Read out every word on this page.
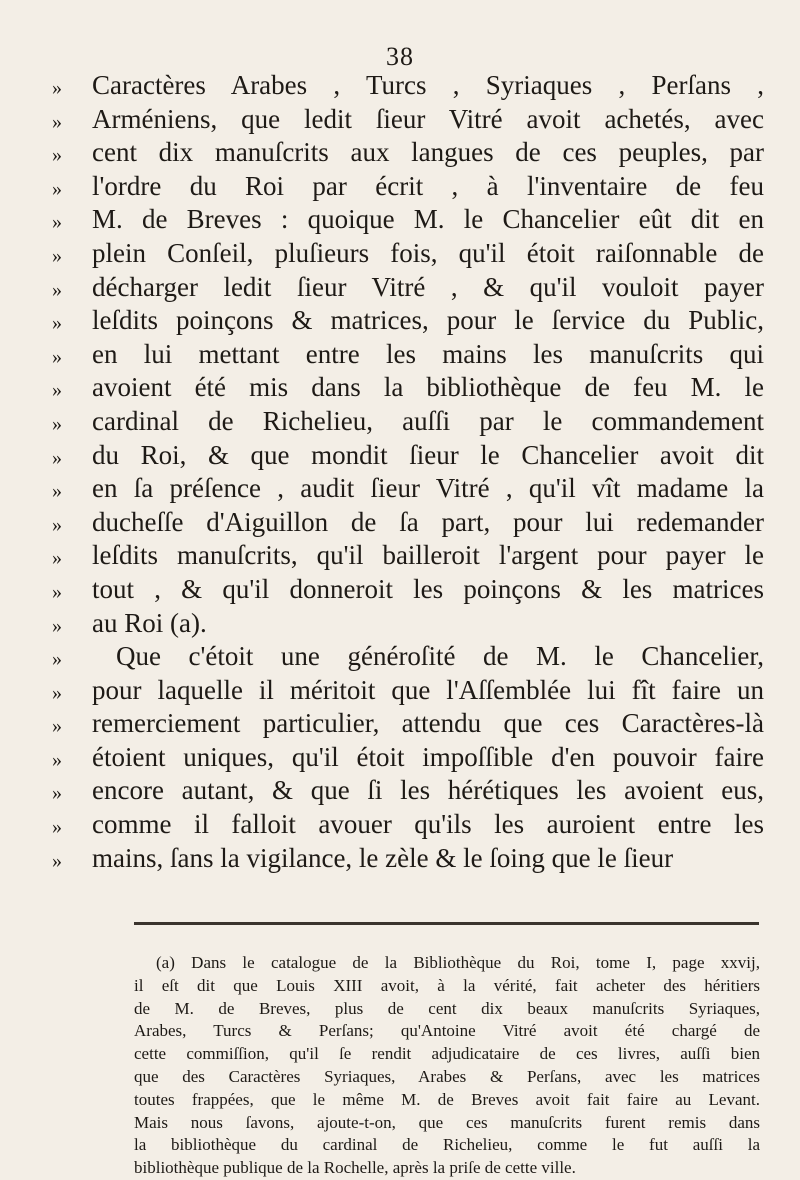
38
»	Caractères Arabes , Turcs , Syriaques , Perſans ,
»	Arméniens, que ledit ſieur Vitré avoit achetés, avec
»	cent dix manuſcrits aux langues de ces peuples, par
»	l'ordre du Roi par écrit , à l'inventaire de feu
»	M. de Breves : quoique M. le Chancelier eût dit en
»	plein Conſeil, pluſieurs fois, qu'il étoit raiſonnable de
»	décharger ledit ſieur Vitré , & qu'il vouloit payer
»	leſdits poinçons & matrices, pour le ſervice du Public,
»	en lui mettant entre les mains les manuſcrits qui
»	avoient été mis dans la bibliothèque de feu M. le
»	cardinal de Richelieu, auſſi par le commandement
»	du Roi, & que mondit ſieur le Chancelier avoit dit
»	en ſa préſence , audit ſieur Vitré , qu'il vît madame la
»	ducheſſe d'Aiguillon de ſa part, pour lui redemander
»	leſdits manuſcrits, qu'il bailleroit l'argent pour payer le
»	tout , & qu'il donneroit les poinçons & les matrices
»	au Roi (a).
»	Que c'étoit une généroſité de M. le Chancelier,
»	pour laquelle il méritoit que l'Aſſemblée lui fît faire un
»	remerciement particulier, attendu que ces Caractères-là
»	étoient uniques, qu'il étoit impoſſible d'en pouvoir faire
»	encore autant, & que ſi les hérétiques les avoient eus,
»	comme il falloit avouer qu'ils les auroient entre les
»	mains, ſans la vigilance, le zèle & le ſoing que le ſieur
(a) Dans le catalogue de la Bibliothèque du Roi, tome I, page xxvij,
il eſt dit que Louis XIII avoit, à la vérité, fait acheter des héritiers
de M. de Breves, plus de cent dix beaux manuſcrits Syriaques,
Arabes, Turcs & Perſans; qu'Antoine Vitré avoit été chargé de
cette commiſſion, qu'il ſe rendit adjudicataire de ces livres, auſſi bien
que des Caractères Syriaques, Arabes & Perſans, avec les matrices
toutes frappées, que le même M. de Breves avoit fait faire au Levant.
Mais nous ſavons, ajoute-t-on, que ces manuſcrits furent remis dans
la bibliothèque du cardinal de Richelieu, comme le fut auſſi la
bibliothèque publique de la Rochelle, après la priſe de cette ville.
